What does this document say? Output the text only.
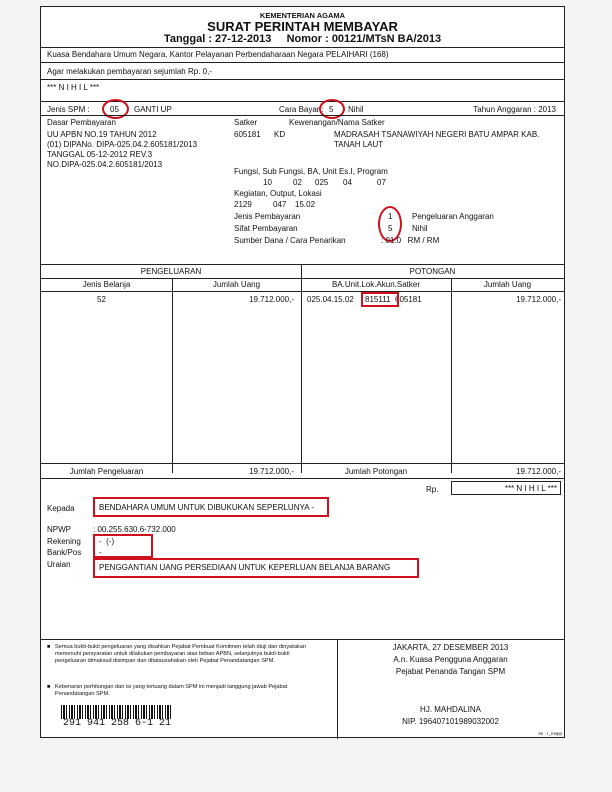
KEMENTERIAN AGAMA
SURAT PERINTAH MEMBAYAR
Tanggal : 27-12-2013     Nomor : 00121/MTsN BA/2013
Kuasa Bendahara Umum Negara, Kantor Pelayanan Perbendaharaan Negara PELAIHARI (168)
Agar melakukan pembayaran sejumlah Rp. 0,-
*** N I H I L ***
Jenis SPM :	05 GANTI UP	Cara Bayar : 5 Nihil	Tahun Anggaran : 2013
Dasar Pembayaran
UU APBN NO.19 TAHUN 2012
(01) DIPANo. DIPA-025.04.2.605181/2013
TANGGAL 05-12-2012 REV.3
NO.DIPA-025.04.2.605181/2013
Satker	Kewenangan/Nama Satker
605181 KD	MADRASAH TSANAWIYAH NEGERI BATU AMPAR KAB.
TANAH LAUT
Fungsi, Sub Fungsi, BA, Unit Es.I, Program
10	02 025 04	07
Kegiatan, Output, Lokasi
2129	047 15.02
Jenis Pembayaran	1 Pengeluaran Anggaran
Sifat Pembayaran	5 Nihil
Sumber Dana / Cara Penarikan	: 01.0   RM / RM
PENGELUARAN	POTONGAN
Jenis Belanja	Jumlah Uang	BA.Unit.Lok.Akun.Satker	Jumlah Uang
52	19.712.000,- 025.04.15.02 815111 605181	19.712.000,-
Jumlah Pengeluaran	19.712.000,-	Jumlah Potongan	19.712.000,-
Rp.	*** N I H I L ***
Kepada	BENDAHARA UMUM UNTUK DIBUKUKAN SEPERLUNYA -
NPWP	: 00.255.630.6-732.000
Rekening -  (-)
Bank/Pos -
Uraian	PENGGANTIAN UANG PERSEDIAAN UNTUK KEPERLUAN BELANJA BARANG
■ Semua bukti-bukti pengeluaran yang disahkan Pejabat Pembuat Komitmen telah diuji dan dinyatakan memenuhi persyaratan untuk dilakukan pembayaran atas beban APBN, selanjutnya bukti-bukti pengeluaran dimaksud disimpan dan ditatausahakan oleh Pejabat Penandatangan SPM.
■ Kebenaran perhitungan dan isi yang tertuang dalam SPM ini menjadi tanggung jawab Pejabat Penandatangan SPM.
291 941 258 6-1 21
JAKARTA, 27 DESEMBER 2013
A.n. Kuasa Pengguna Anggaran
Pejabat Penanda Tangan SPM
HJ. MAHDALINA
NIP. 196407101989032002
sn : r_mspp
